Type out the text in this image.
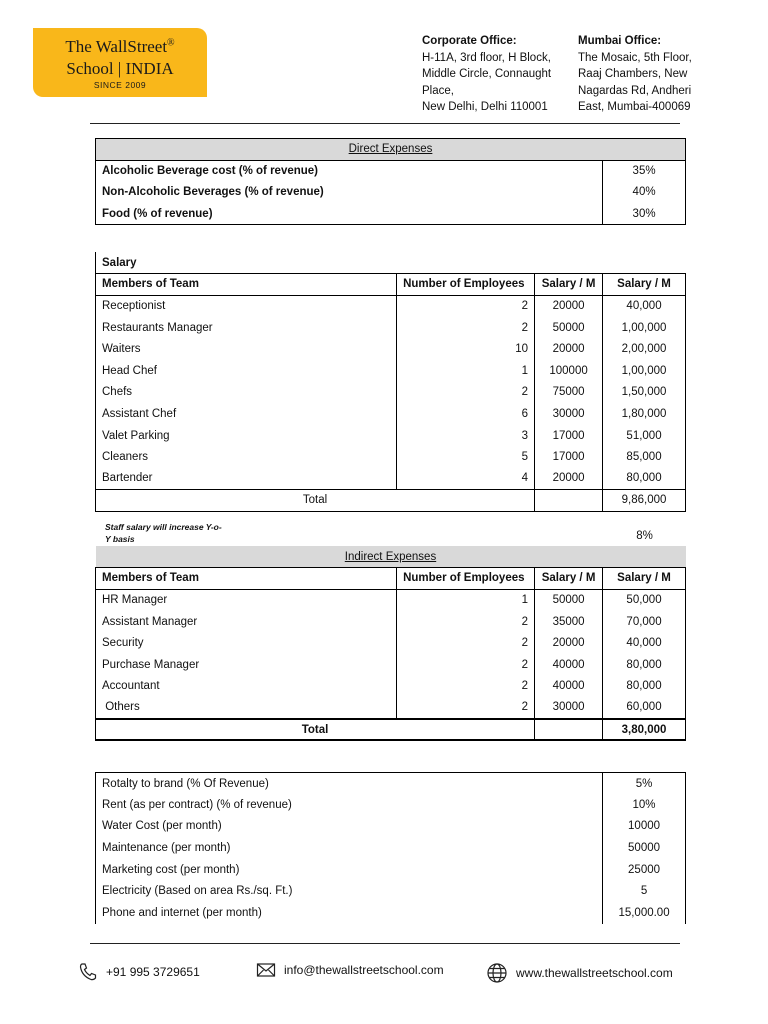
The WallStreet®
School | INDIA
SINCE 2009
Corporate Office:
H-11A, 3rd floor, H Block,
Middle Circle, Connaught
Place,
New Delhi, Delhi 110001
Mumbai Office:
The Mosaic, 5th Floor,
Raaj Chambers, New
Nagardas Rd, Andheri
East, Mumbai-400069
Direct Expenses	
Alcoholic Beverage cost (% of revenue)	35%
Non-Alcoholic Beverages (% of revenue)	40%
Food (% of revenue)	30%
Salary			
Members of Team	Number of Employees	Salary / M	Salary / M
Receptionist	2	20000	40,000
Restaurants Manager	2	50000	1,00,000
Waiters	10	20000	2,00,000
Head Chef	1	100000	1,00,000
Chefs	2	75000	1,50,000
Assistant Chef	6	30000	1,80,000
Valet Parking	3	17000	51,000
Cleaners	5	17000	85,000
Bartender	4	20000	80,000
Total			9,86,000
Staff salary will increase Y-o-
Y basis	8%
Indirect Expenses			
Members of Team	Number of Employees	Salary / M	Salary / M
HR Manager	1	50000	50,000
Assistant Manager	2	35000	70,000
Security	2	20000	40,000
Purchase Manager	2	40000	80,000
Accountant	2	40000	80,000
Others	2	30000	60,000
Total			3,80,000
Rotalty to brand (% Of Revenue)	5%
Rent (as per contract) (% of revenue)	10%
Water Cost (per month)	10000
Maintenance (per month)	50000
Marketing cost (per month)	25000
Electricity (Based on area Rs./sq. Ft.)	5
Phone and internet (per month)	15,000.00
+91 995 3729651	info@thewallstreetschool.com	www.thewallstreetschool.com
